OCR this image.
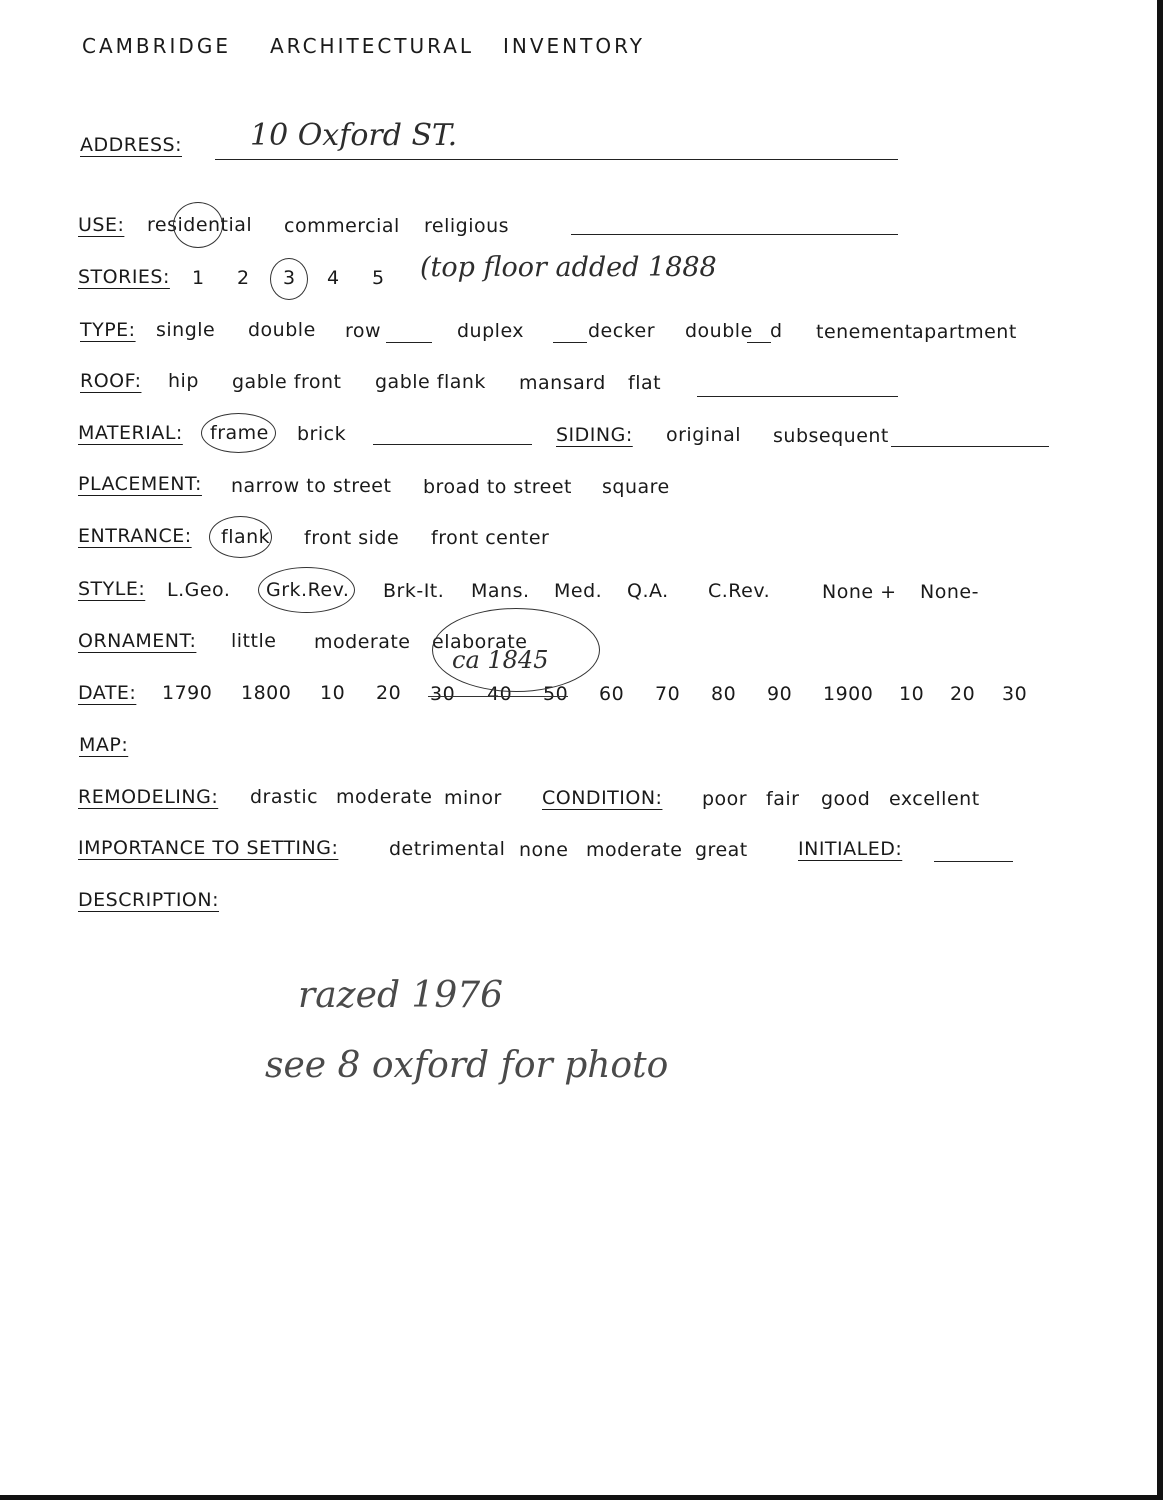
CAMBRIDGE ARCHITECTURAL INVENTORY
ADDRESS: 10 Oxford ST.
USE: residential commercial religious
STORIES: 1 2 3 4 5 (top floor added 1888
TYPE: single double row	duplex	decker double d tenement apartment
ROOF: hip gable front gable flank mansard flat
MATERIAL: frame brick	SIDING: original subsequent
PLACEMENT: narrow to street broad to street square
ENTRANCE: flank front side front center
STYLE: L.Geo. Grk.Rev. Brk-It. Mans. Med. Q.A. C.Rev.	None + None-
ORNAMENT: little moderate elaborate
DATE: 1790 1800 10 20 30 40 50 60 70 80 90 1900 10 20 30
ca 1845
MAP:
REMODELING: drastic moderate minor CONDITION: poor fair good excellent
IMPORTANCE TO SETTING:	detrimental none moderate great	INITIALED:
DESCRIPTION:
razed 1976
see 8 oxford for photo
